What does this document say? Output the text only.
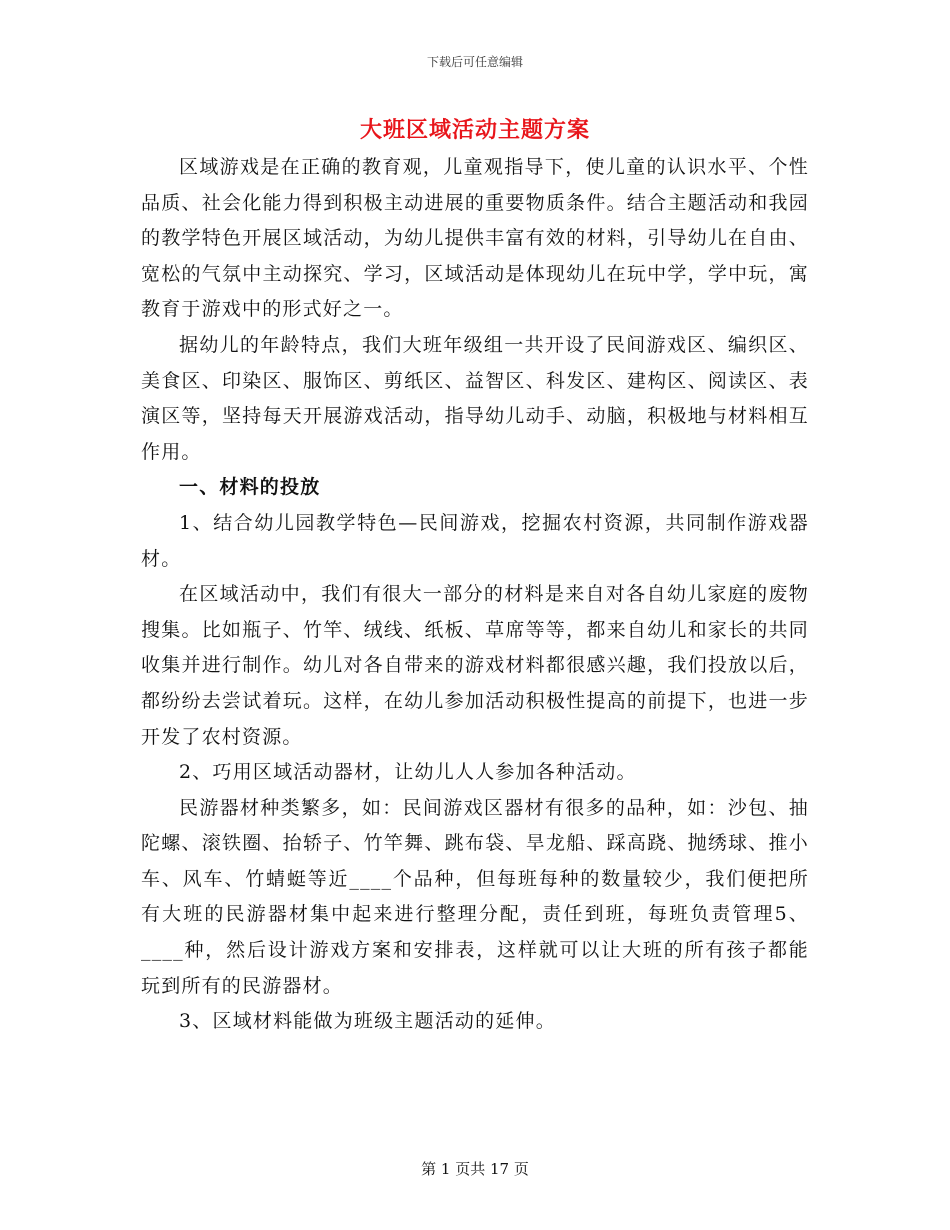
下载后可任意编辑
大班区域活动主题方案

区域游戏是在正确的教育观，儿童观指导下，使儿童的认识水平、个性品质、社会化能力得到积极主动进展的重要物质条件。结合主题活动和我园的教学特色开展区域活动，为幼儿提供丰富有效的材料，引导幼儿在自由、宽松的气氛中主动探究、学习，区域活动是体现幼儿在玩中学，学中玩，寓教育于游戏中的形式好之一。

据幼儿的年龄特点，我们大班年级组一共开设了民间游戏区、编织区、美食区、印染区、服饰区、剪纸区、益智区、科发区、建构区、阅读区、表演区等，坚持每天开展游戏活动，指导幼儿动手、动脑，积极地与材料相互作用。

一、材料的投放

1、结合幼儿园教学特色—民间游戏，挖掘农村资源，共同制作游戏器材。

在区域活动中，我们有很大一部分的材料是来自对各自幼儿家庭的废物搜集。比如瓶子、竹竿、绒线、纸板、草席等等，都来自幼儿和家长的共同收集并进行制作。幼儿对各自带来的游戏材料都很感兴趣，我们投放以后，都纷纷去尝试着玩。这样，在幼儿参加活动积极性提高的前提下，也进一步开发了农村资源。

2、巧用区域活动器材，让幼儿人人参加各种活动。

民游器材种类繁多，如：民间游戏区器材有很多的品种，如：沙包、抽陀螺、滚铁圈、抬轿子、竹竿舞、跳布袋、旱龙船、踩高跷、抛绣球、推小车、风车、竹蜻蜓等近____个品种，但每班每种的数量较少，我们便把所有大班的民游器材集中起来进行整理分配，责任到班，每班负责管理5、____种，然后设计游戏方案和安排表，这样就可以让大班的所有孩子都能玩到所有的民游器材。

3、区域材料能做为班级主题活动的延伸。

第 1 页共 17 页
